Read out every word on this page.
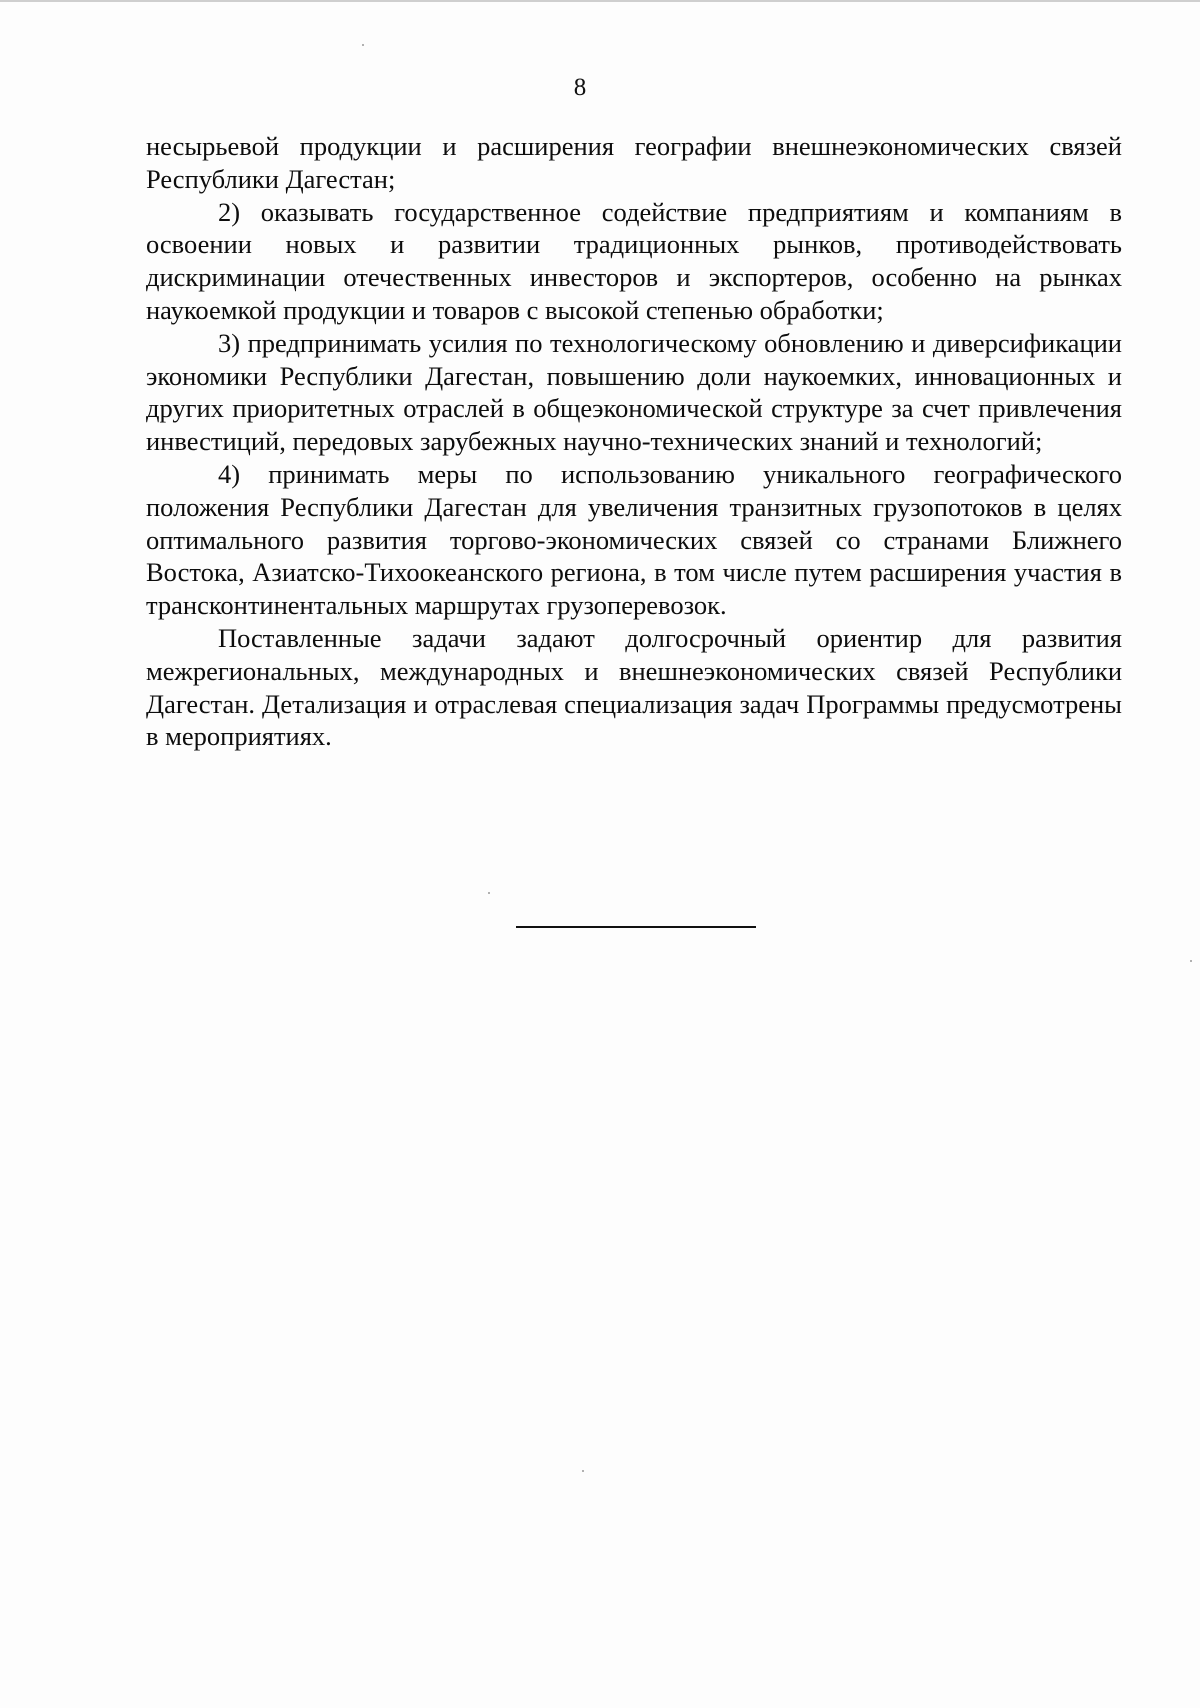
8

несырьевой продукции и расширения географии внешнеэкономических связей Республики Дагестан;

2) оказывать государственное содействие предприятиям и компаниям в освоении новых и развитии традиционных рынков, противодействовать дискриминации отечественных инвесторов и экспортеров, особенно на рынках наукоемкой продукции и товаров с высокой степенью обработки;

3) предпринимать усилия по технологическому обновлению и диверсификации экономики Республики Дагестан, повышению доли наукоемких, инновационных и других приоритетных отраслей в общеэкономической структуре за счет привлечения инвестиций, передовых зарубежных научно-технических знаний и технологий;

4) принимать меры по использованию уникального географического положения Республики Дагестан для увеличения транзитных грузопотоков в целях оптимального развития торгово-экономических связей со странами Ближнего Востока, Азиатско-Тихоокеанского региона, в том числе путем расширения участия в трансконтинентальных маршрутах грузоперевозок.

Поставленные задачи задают долгосрочный ориентир для развития межрегиональных, международных и внешнеэкономических связей Республики Дагестан. Детализация и отраслевая специализация задач Программы предусмотрены в мероприятиях.
